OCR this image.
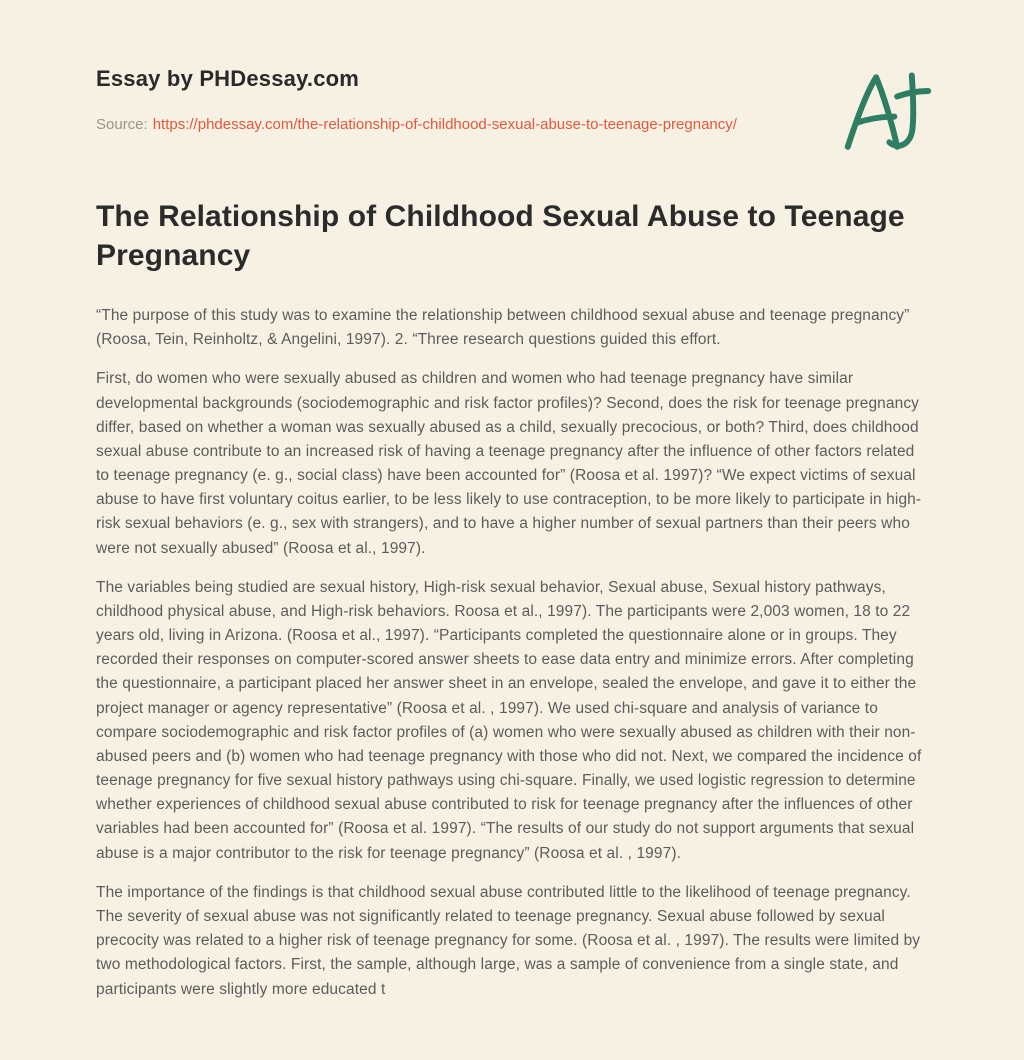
Essay by PHDessay.com
Source: https://phdessay.com/the-relationship-of-childhood-sexual-abuse-to-teenage-pregnancy/
The Relationship of Childhood Sexual Abuse to Teenage Pregnancy

“The purpose of this study was to examine the relationship between childhood sexual abuse and teenage pregnancy” (Roosa, Tein, Reinholtz, & Angelini, 1997). 2. “Three research questions guided this effort.

First, do women who were sexually abused as children and women who had teenage pregnancy have similar developmental backgrounds (sociodemographic and risk factor profiles)? Second, does the risk for teenage pregnancy differ, based on whether a woman was sexually abused as a child, sexually precocious, or both? Third, does childhood sexual abuse contribute to an increased risk of having a teenage pregnancy after the influence of other factors related to teenage pregnancy (e. g., social class) have been accounted for” (Roosa et al. 1997)? “We expect victims of sexual abuse to have first voluntary coitus earlier, to be less likely to use contraception, to be more likely to participate in high-risk sexual behaviors (e. g., sex with strangers), and to have a higher number of sexual partners than their peers who were not sexually abused” (Roosa et al., 1997).

The variables being studied are sexual history, High-risk sexual behavior, Sexual abuse, Sexual history pathways, childhood physical abuse, and High-risk behaviors. Roosa et al., 1997). The participants were 2,003 women, 18 to 22 years old, living in Arizona. (Roosa et al., 1997). “Participants completed the questionnaire alone or in groups. They recorded their responses on computer-scored answer sheets to ease data entry and minimize errors. After completing the questionnaire, a participant placed her answer sheet in an envelope, sealed the envelope, and gave it to either the project manager or agency representative” (Roosa et al. , 1997). We used chi-square and analysis of variance to compare sociodemographic and risk factor profiles of (a) women who were sexually abused as children with their non-abused peers and (b) women who had teenage pregnancy with those who did not. Next, we compared the incidence of teenage pregnancy for five sexual history pathways using chi-square. Finally, we used logistic regression to determine whether experiences of childhood sexual abuse contributed to risk for teenage pregnancy after the influences of other variables had been accounted for” (Roosa et al. 1997). “The results of our study do not support arguments that sexual abuse is a major contributor to the risk for teenage pregnancy” (Roosa et al. , 1997).

The importance of the findings is that childhood sexual abuse contributed little to the likelihood of teenage pregnancy. The severity of sexual abuse was not significantly related to teenage pregnancy. Sexual abuse followed by sexual precocity was related to a higher risk of teenage pregnancy for some. (Roosa et al. , 1997). The results were limited by two methodological factors. First, the sample, although large, was a sample of convenience from a single state, and participants were slightly more educated t
